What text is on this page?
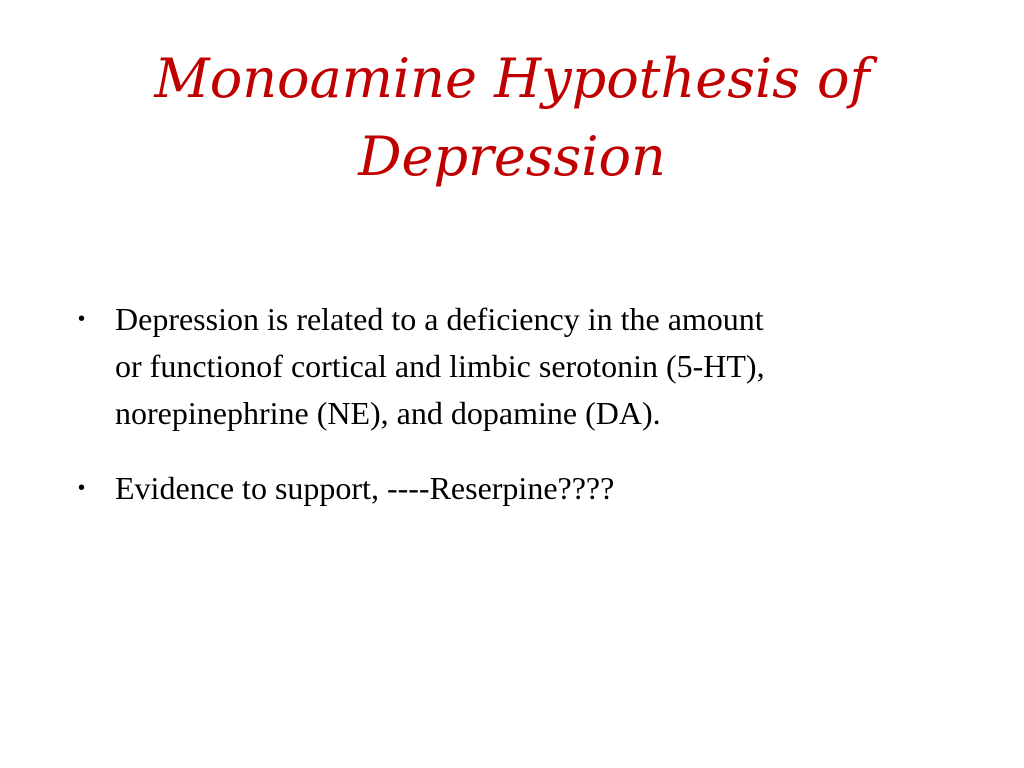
Monoamine Hypothesis of
Depression
• Depression is related to a deficiency in the amount
or functionof cortical and limbic serotonin (5-HT),
norepinephrine (NE), and dopamine (DA).
• Evidence to support, ----Reserpine????
